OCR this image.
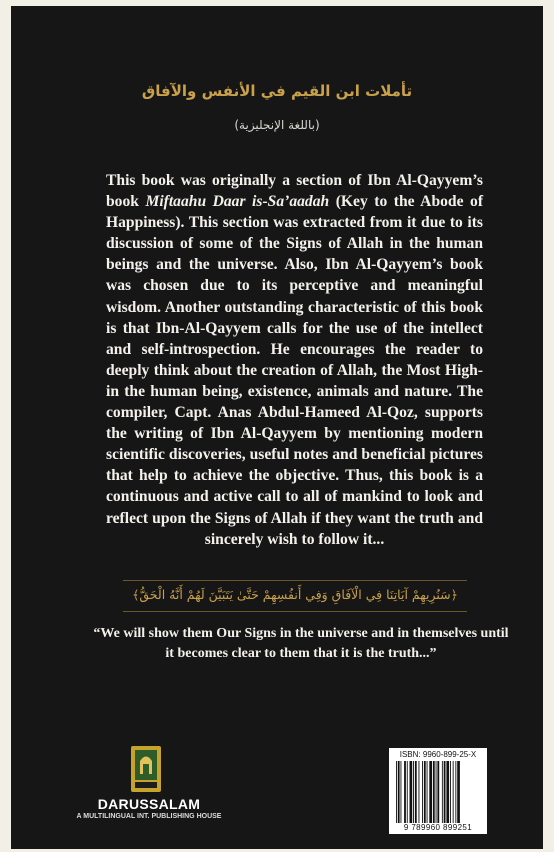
تأملات ابن القيم في الأنفس والآفاق
(باللغة الإنجليزية)

This book was originally a section of Ibn Al-Qayyem’s book Miftaahu Daar is-Sa’aadah (Key to the Abode of Happiness). This section was extracted from it due to its discussion of some of the Signs of Allah in the human beings and the universe. Also, Ibn Al-Qayyem’s book was chosen due to its perceptive and meaningful wisdom. Another outstanding characteristic of this book is that Ibn-Al-Qayyem calls for the use of the intellect and self-introspection. He encourages the reader to deeply think about the creation of Allah, the Most High-in the human being, existence, animals and nature. The compiler, Capt. Anas Abdul-Hameed Al-Qoz, supports the writing of Ibn Al-Qayyem by mentioning modern scientific discoveries, useful notes and beneficial pictures that help to achieve the objective. Thus, this book is a continuous and active call to all of mankind to look and reflect upon the Signs of Allah if they want the truth and sincerely wish to follow it...

﴿سَنُرِيهِمْ آيَاتِنَا فِي الْآفَاقِ وَفِي أَنفُسِهِمْ حَتَّىٰ يَتَبَيَّنَ لَهُمْ أَنَّهُ الْحَقُّ﴾

“We will show them Our Signs in the universe and in themselves until it becomes clear to them that it is the truth...”

DARUSSALAM
A MULTILINGUAL INT. PUBLISHING HOUSE
ISBN: 9960-899-25-X
9 789960 899251
